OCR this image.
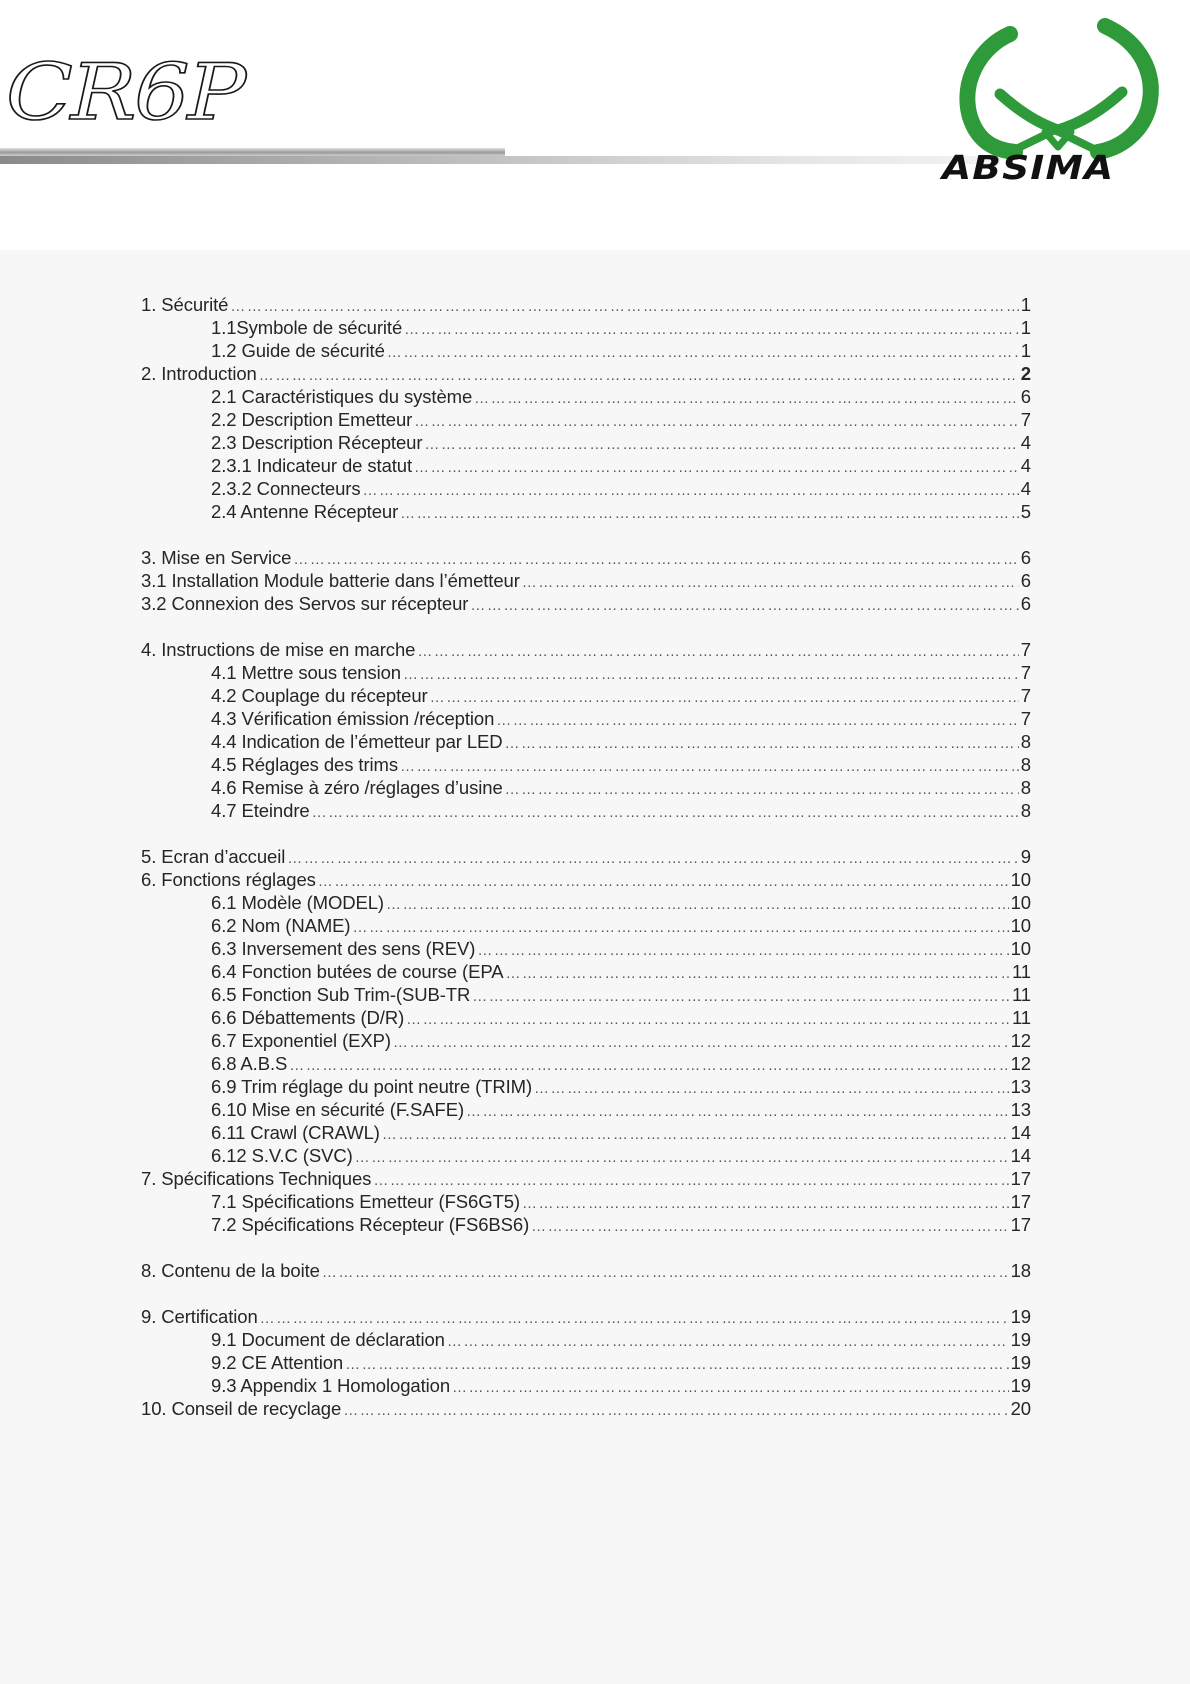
CR6P
ABSIMA
1. Sécurité …………………………………………………………………………………………………………………………………………………………	1
1.1Symbole de sécurité …………………………………………………………………………………………………………………………………………………………	1
1.2 Guide de sécurité …………………………………………………………………………………………………………………………………………………………	1
2. Introduction …………………………………………………………………………………………………………………………………………………………	2
2.1 Caractéristiques du système …………………………………………………………………………………………………………………………………………………………	6
2.2 Description Emetteur …………………………………………………………………………………………………………………………………………………………	7
2.3 Description Récepteur …………………………………………………………………………………………………………………………………………………………	4
2.3.1 Indicateur de statut …………………………………………………………………………………………………………………………………………………………	4
2.3.2 Connecteurs …………………………………………………………………………………………………………………………………………………………	4
2.4 Antenne Récepteur …………………………………………………………………………………………………………………………………………………………	5
3. Mise en Service …………………………………………………………………………………………………………………………………………………………	6
3.1 Installation Module batterie dans l’émetteur …………………………………………………………………………………………………………………………………………………………	6
3.2 Connexion des Servos sur récepteur …………………………………………………………………………………………………………………………………………………………	6
4. Instructions de mise en marche …………………………………………………………………………………………………………………………………………………………	7
4.1 Mettre sous tension …………………………………………………………………………………………………………………………………………………………	7
4.2 Couplage du récepteur …………………………………………………………………………………………………………………………………………………………	7
4.3 Vérification émission /réception …………………………………………………………………………………………………………………………………………………………	7
4.4 Indication de l’émetteur par LED …………………………………………………………………………………………………………………………………………………………	8
4.5 Réglages des trims …………………………………………………………………………………………………………………………………………………………	8
4.6 Remise à zéro /réglages d’usine …………………………………………………………………………………………………………………………………………………………	8
4.7 Eteindre …………………………………………………………………………………………………………………………………………………………	8
5. Ecran d’accueil …………………………………………………………………………………………………………………………………………………………	9
6. Fonctions réglages …………………………………………………………………………………………………………………………………………………………	10
6.1 Modèle (MODEL) …………………………………………………………………………………………………………………………………………………………	10
6.2 Nom (NAME) …………………………………………………………………………………………………………………………………………………………	10
6.3 Inversement des sens (REV) …………………………………………………………………………………………………………………………………………………………	10
6.4 Fonction butées de course (EPA …………………………………………………………………………………………………………………………………………………………	11
6.5 Fonction Sub Trim-(SUB-TR …………………………………………………………………………………………………………………………………………………………	11
6.6 Débattements (D/R) …………………………………………………………………………………………………………………………………………………………	11
6.7 Exponentiel (EXP) …………………………………………………………………………………………………………………………………………………………	12
6.8 A.B.S …………………………………………………………………………………………………………………………………………………………	12
6.9 Trim réglage du point neutre (TRIM) …………………………………………………………………………………………………………………………………………………………	13
6.10 Mise en sécurité (F.SAFE) …………………………………………………………………………………………………………………………………………………………	13
6.11 Crawl (CRAWL) …………………………………………………………………………………………………………………………………………………………	14
6.12 S.V.C (SVC) …………………………………………………………………………………………………………………………………………………………	14
7. Spécifications Techniques …………………………………………………………………………………………………………………………………………………………	17
7.1 Spécifications Emetteur (FS6GT5) …………………………………………………………………………………………………………………………………………………………	17
7.2 Spécifications Récepteur (FS6BS6) …………………………………………………………………………………………………………………………………………………………	17
8. Contenu de la boite …………………………………………………………………………………………………………………………………………………………	18
9. Certification …………………………………………………………………………………………………………………………………………………………	19
9.1 Document de déclaration …………………………………………………………………………………………………………………………………………………………	19
9.2 CE Attention …………………………………………………………………………………………………………………………………………………………	19
9.3 Appendix 1 Homologation …………………………………………………………………………………………………………………………………………………………	19
10. Conseil de recyclage …………………………………………………………………………………………………………………………………………………………	20
